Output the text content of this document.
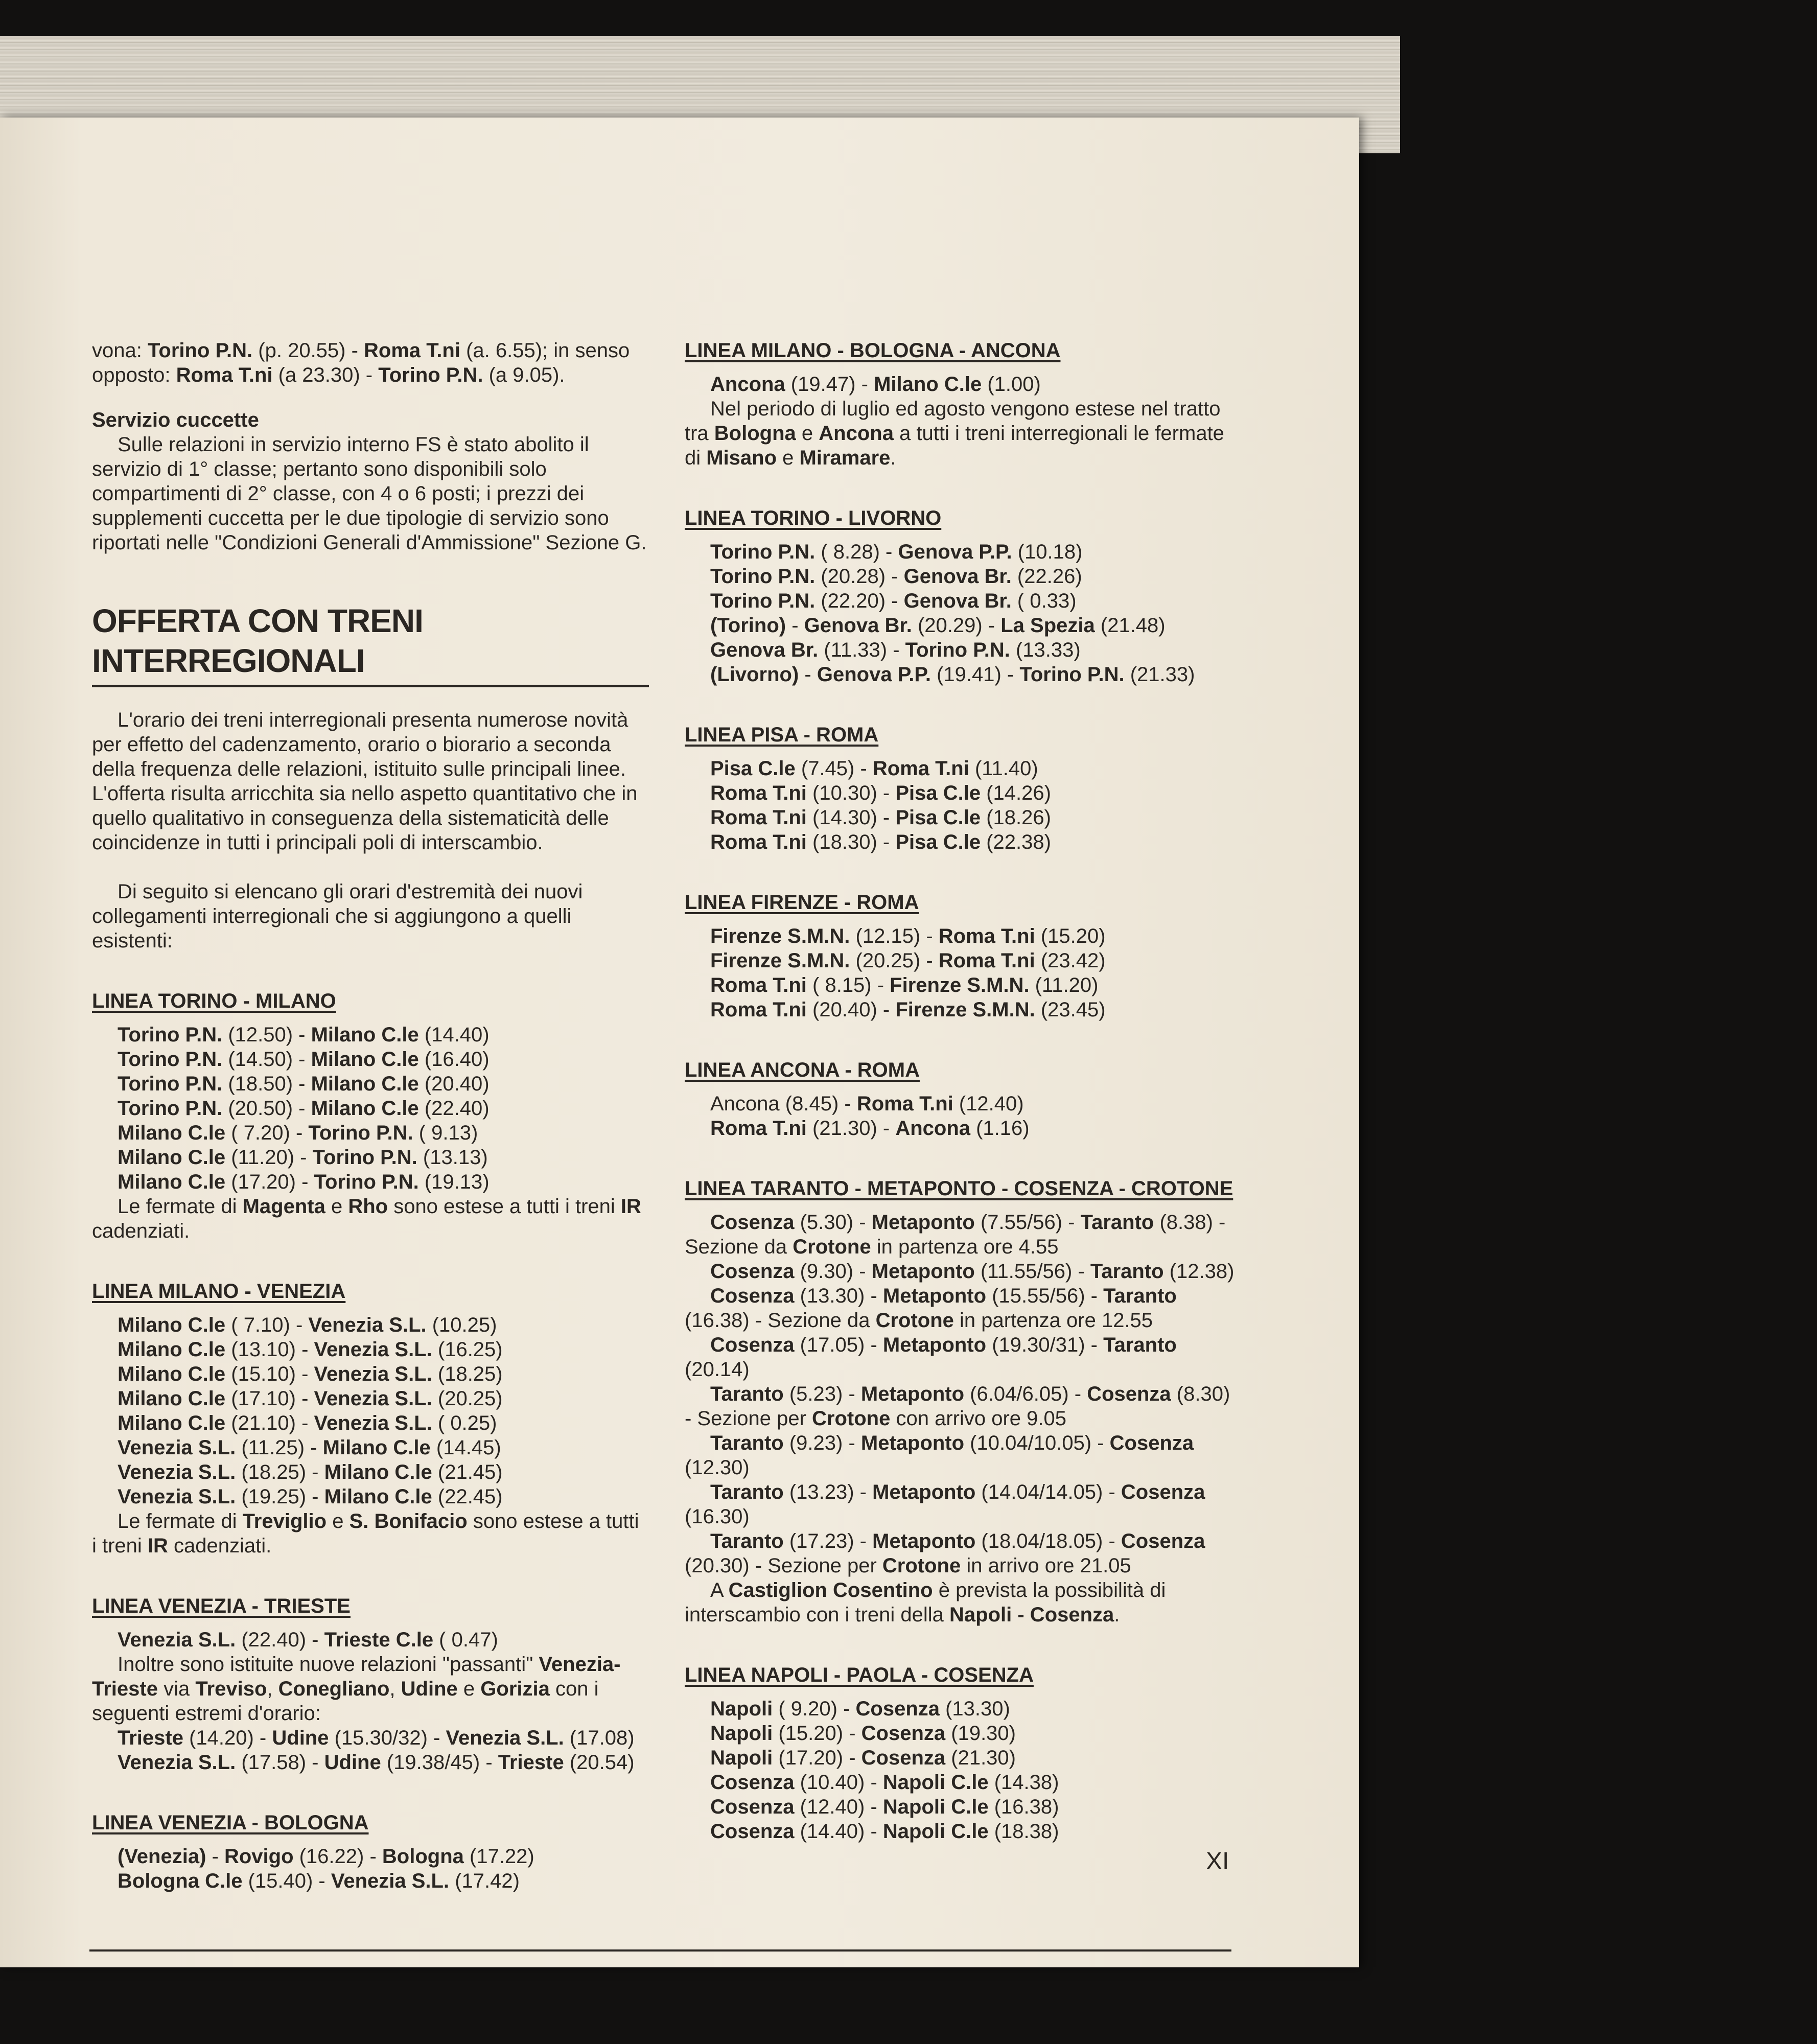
vona: Torino P.N. (p. 20.55) - Roma T.ni (a. 6.55); in senso opposto: Roma T.ni (a 23.30) - Torino P.N. (a 9.05).

Servizio cuccette

Sulle relazioni in servizio interno FS è stato abolito il servizio di 1° classe; pertanto sono disponibili solo compartimenti di 2° classe, con 4 o 6 posti; i prezzi dei supplementi cuccetta per le due tipologie di servizio sono riportati nelle "Condizioni Generali d'Ammissione" Sezione G.

OFFERTA CON TRENI INTERREGIONALI

L'orario dei treni interregionali presenta numerose novità per effetto del cadenzamento, orario o biorario a seconda della frequenza delle relazioni, istituito sulle principali linee. L'offerta risulta arricchita sia nello aspetto quantitativo che in quello qualitativo in conseguenza della sistematicità delle coincidenze in tutti i principali poli di interscambio.

Di seguito si elencano gli orari d'estremità dei nuovi collegamenti interregionali che si aggiungono a quelli esistenti:

LINEA TORINO - MILANO

Torino P.N. (12.50) - Milano C.le (14.40)

Torino P.N. (14.50) - Milano C.le (16.40)

Torino P.N. (18.50) - Milano C.le (20.40)

Torino P.N. (20.50) - Milano C.le (22.40)

Milano C.le ( 7.20) - Torino P.N. ( 9.13)

Milano C.le (11.20) - Torino P.N. (13.13)

Milano C.le (17.20) - Torino P.N. (19.13)

Le fermate di Magenta e Rho sono estese a tutti i treni IR cadenziati.

LINEA MILANO - VENEZIA

Milano C.le ( 7.10) - Venezia S.L. (10.25)

Milano C.le (13.10) - Venezia S.L. (16.25)

Milano C.le (15.10) - Venezia S.L. (18.25)

Milano C.le (17.10) - Venezia S.L. (20.25)

Milano C.le (21.10) - Venezia S.L. ( 0.25)

Venezia S.L. (11.25) - Milano C.le (14.45)

Venezia S.L. (18.25) - Milano C.le (21.45)

Venezia S.L. (19.25) - Milano C.le (22.45)

Le fermate di Treviglio e S. Bonifacio sono estese a tutti i treni IR cadenziati.

LINEA VENEZIA - TRIESTE

Venezia S.L. (22.40) - Trieste C.le ( 0.47)

Inoltre sono istituite nuove relazioni "passanti" Venezia-Trieste via Treviso, Conegliano, Udine e Gorizia con i seguenti estremi d'orario:

Trieste (14.20) - Udine (15.30/32) - Venezia S.L. (17.08)

Venezia S.L. (17.58) - Udine (19.38/45) - Trieste (20.54)

LINEA VENEZIA - BOLOGNA

(Venezia) - Rovigo (16.22) - Bologna (17.22)

Bologna C.le (15.40) - Venezia S.L. (17.42)

LINEA MILANO - BOLOGNA - ANCONA

Ancona (19.47) - Milano C.le (1.00)

Nel periodo di luglio ed agosto vengono estese nel tratto tra Bologna e Ancona a tutti i treni interregionali le fermate di Misano e Miramare.

LINEA TORINO - LIVORNO

Torino P.N. ( 8.28) - Genova P.P. (10.18)

Torino P.N. (20.28) - Genova Br. (22.26)

Torino P.N. (22.20) - Genova Br. ( 0.33)

(Torino) - Genova Br. (20.29) - La Spezia (21.48)

Genova Br. (11.33) - Torino P.N. (13.33)

(Livorno) - Genova P.P. (19.41) - Torino P.N. (21.33)

LINEA PISA - ROMA

Pisa C.le (7.45) - Roma T.ni (11.40)

Roma T.ni (10.30) - Pisa C.le (14.26)

Roma T.ni (14.30) - Pisa C.le (18.26)

Roma T.ni (18.30) - Pisa C.le (22.38)

LINEA FIRENZE - ROMA

Firenze S.M.N. (12.15) - Roma T.ni (15.20)

Firenze S.M.N. (20.25) - Roma T.ni (23.42)

Roma T.ni ( 8.15) - Firenze S.M.N. (11.20)

Roma T.ni (20.40) - Firenze S.M.N. (23.45)

LINEA ANCONA - ROMA

Ancona (8.45) - Roma T.ni (12.40)

Roma T.ni (21.30) - Ancona (1.16)

LINEA TARANTO - METAPONTO - COSENZA - CROTONE

Cosenza (5.30) - Metaponto (7.55/56) - Taranto (8.38) - Sezione da Crotone in partenza ore 4.55

Cosenza (9.30) - Metaponto (11.55/56) - Taranto (12.38)

Cosenza (13.30) - Metaponto (15.55/56) - Taranto (16.38) - Sezione da Crotone in partenza ore 12.55

Cosenza (17.05) - Metaponto (19.30/31) - Taranto (20.14)

Taranto (5.23) - Metaponto (6.04/6.05) - Cosenza (8.30) - Sezione per Crotone con arrivo ore 9.05

Taranto (9.23) - Metaponto (10.04/10.05) - Cosenza (12.30)

Taranto (13.23) - Metaponto (14.04/14.05) - Cosenza (16.30)

Taranto (17.23) - Metaponto (18.04/18.05) - Cosenza (20.30) - Sezione per Crotone in arrivo ore 21.05

A Castiglion Cosentino è prevista la possibilità di interscambio con i treni della Napoli - Cosenza.

LINEA NAPOLI - PAOLA - COSENZA

Napoli ( 9.20) - Cosenza (13.30)

Napoli (15.20) - Cosenza (19.30)

Napoli (17.20) - Cosenza (21.30)

Cosenza (10.40) - Napoli C.le (14.38)

Cosenza (12.40) - Napoli C.le (16.38)

Cosenza (14.40) - Napoli C.le (18.38)

XI
